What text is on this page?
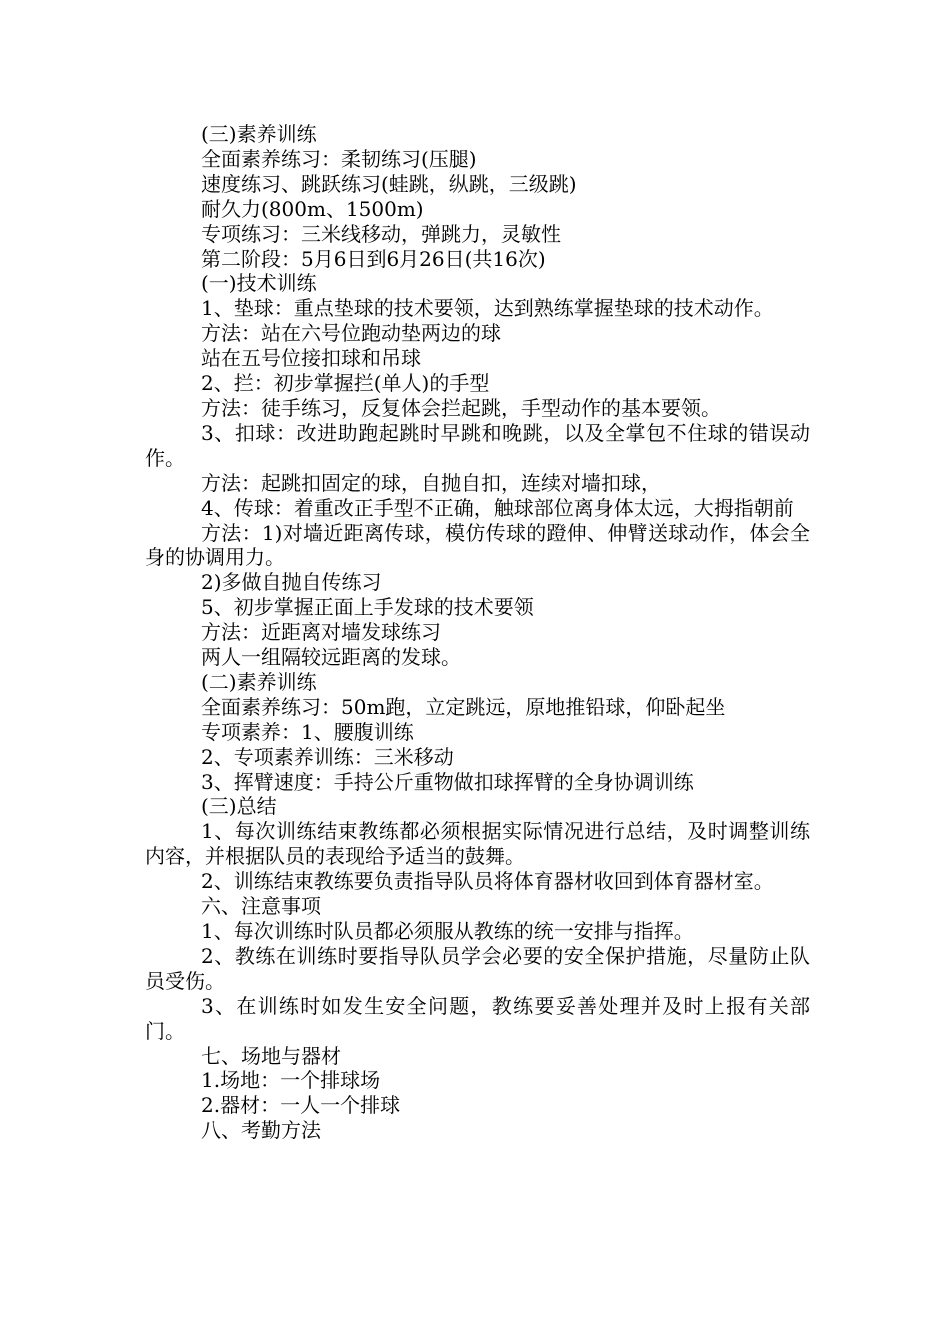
(三)素养训练

全面素养练习：柔韧练习(压腿)

速度练习、跳跃练习(蛙跳，纵跳，三级跳)

耐久力(800m、1500m)

专项练习：三米线移动，弹跳力，灵敏性

第二阶段：5月6日到6月26日(共16次)

(一)技术训练

1、垫球：重点垫球的技术要领，达到熟练掌握垫球的技术动作。

方法：站在六号位跑动垫两边的球

站在五号位接扣球和吊球

2、拦：初步掌握拦(单人)的手型

方法：徒手练习，反复体会拦起跳，手型动作的基本要领。

3、扣球：改进助跑起跳时早跳和晚跳，以及全掌包不住球的错误动作。

方法：起跳扣固定的球，自抛自扣，连续对墙扣球，

4、传球：着重改正手型不正确，触球部位离身体太远，大拇指朝前

方法：1)对墙近距离传球，模仿传球的蹬伸、伸臂送球动作，体会全身的协调用力。

2)多做自抛自传练习

5、初步掌握正面上手发球的技术要领

方法：近距离对墙发球练习

两人一组隔较远距离的发球。

(二)素养训练

全面素养练习：50m跑，立定跳远，原地推铅球，仰卧起坐

专项素养：1、腰腹训练

2、专项素养训练：三米移动

3、挥臂速度：手持公斤重物做扣球挥臂的全身协调训练

(三)总结

1、每次训练结束教练都必须根据实际情况进行总结，及时调整训练内容，并根据队员的表现给予适当的鼓舞。

2、训练结束教练要负责指导队员将体育器材收回到体育器材室。

六、注意事项

1、每次训练时队员都必须服从教练的统一安排与指挥。

2、教练在训练时要指导队员学会必要的安全保护措施，尽量防止队员受伤。

3、在训练时如发生安全问题，教练要妥善处理并及时上报有关部门。

七、场地与器材

1.场地：一个排球场

2.器材：一人一个排球

八、考勤方法
